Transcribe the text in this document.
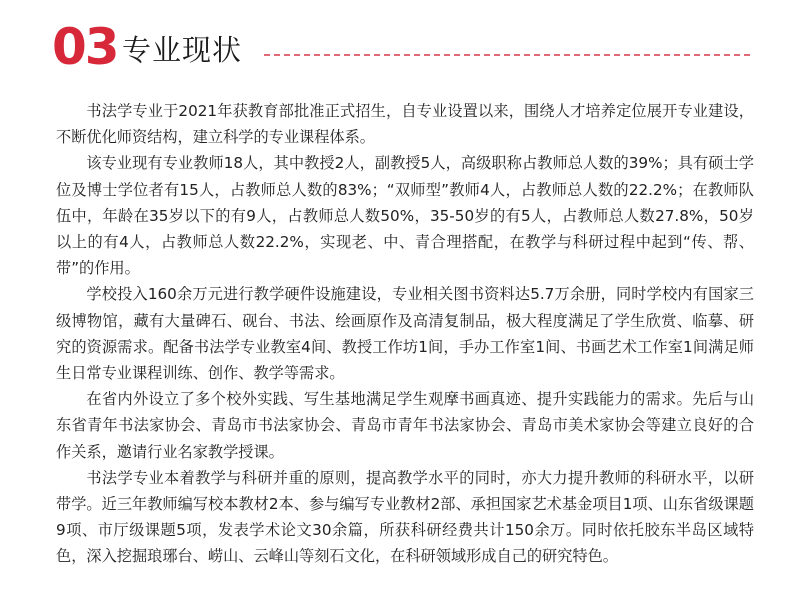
03 专业现状

书法学专业于2021年获教育部批准正式招生，自专业设置以来，围绕人才培养定位展开专业建设，不断优化师资结构，建立科学的专业课程体系。

该专业现有专业教师18人，其中教授2人，副教授5人，高级职称占教师总人数的39%；具有硕士学位及博士学位者有15人，占教师总人数的83%；“双师型”教师4人，占教师总人数的22.2%；在教师队伍中，年龄在35岁以下的有9人，占教师总人数50%，35-50岁的有5人，占教师总人数27.8%，50岁以上的有4人，占教师总人数22.2%，实现老、中、青合理搭配，在教学与科研过程中起到“传、帮、带”的作用。

学校投入160余万元进行教学硬件设施建设，专业相关图书资料达5.7万余册，同时学校内有国家三级博物馆，藏有大量碑石、砚台、书法、绘画原作及高清复制品，极大程度满足了学生欣赏、临摹、研究的资源需求。配备书法学专业教室4间、教授工作坊1间，手办工作室1间、书画艺术工作室1间满足师生日常专业课程训练、创作、教学等需求。

在省内外设立了多个校外实践、写生基地满足学生观摩书画真迹、提升实践能力的需求。先后与山东省青年书法家协会、青岛市书法家协会、青岛市青年书法家协会、青岛市美术家协会等建立良好的合作关系，邀请行业名家教学授课。

书法学专业本着教学与科研并重的原则，提高教学水平的同时，亦大力提升教师的科研水平，以研带学。近三年教师编写校本教材2本、参与编写专业教材2部、承担国家艺术基金项目1项、山东省级课题9项、市厅级课题5项，发表学术论文30余篇，所获科研经费共计150余万。同时依托胶东半岛区域特色，深入挖掘琅琊台、崂山、云峰山等刻石文化，在科研领域形成自己的研究特色。
